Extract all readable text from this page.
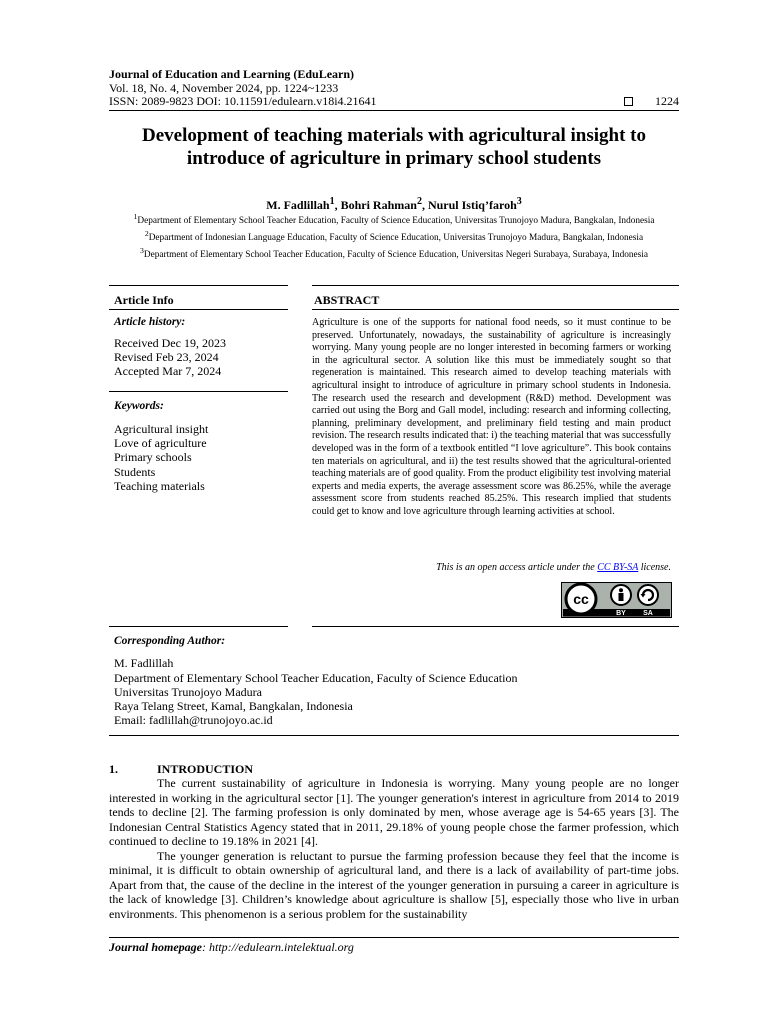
Journal of Education and Learning (EduLearn)
Vol. 18, No. 4, November 2024, pp. 1224~1233
ISSN: 2089-9823 DOI: 10.11591/edulearn.v18i4.21641	1224
Development of teaching materials with agricultural insight to
introduce of agriculture in primary school students
M. Fadlillah$^1$, Bohri Rahman$^2$, Nurul Istiq’faroh$^3$
$^1$Department of Elementary School Teacher Education, Faculty of Science Education, Universitas Trunojoyo Madura, Bangkalan, Indonesia
$^2$Department of Indonesian Language Education, Faculty of Science Education, Universitas Trunojoyo Madura, Bangkalan, Indonesia
$^3$Department of Elementary School Teacher Education, Faculty of Science Education, Universitas Negeri Surabaya, Surabaya, Indonesia
Article Info	ABSTRACT
Article history:
Received Dec 19, 2023
Revised Feb 23, 2024
Accepted Mar 7, 2024
Keywords:
Agricultural insight
Love of agriculture
Primary schools
Students
Teaching materials
Agriculture is one of the supports for national food needs, so it must continue to be preserved. Unfortunately, nowadays, the sustainability of agriculture is increasingly worrying. Many young people are no longer interested in becoming farmers or working in the agricultural sector. A solution like this must be immediately sought so that regeneration is maintained. This research aimed to develop teaching materials with agricultural insight to introduce of agriculture in primary school students in Indonesia. The research used the research and development (R&D) method. Development was carried out using the Borg and Gall model, including: research and informing collecting, planning, preliminary development, and preliminary field testing and main product revision. The research results indicated that: i) the teaching material that was successfully developed was in the form of a textbook entitled “I love agriculture”. This book contains ten materials on agricultural, and ii) the test results showed that the agricultural-oriented teaching materials are of good quality. From the product eligibility test involving material experts and media experts, the average assessment score was 86.25%, while the average assessment score from students reached 85.25%. This research implied that students could get to know and love agriculture through learning activities at school.
This is an open access article under the CC BY-SA license.
cc
BY SA
Corresponding Author:
M. Fadlillah
Department of Elementary School Teacher Education, Faculty of Science Education
Universitas Trunojoyo Madura
Raya Telang Street, Kamal, Bangkalan, Indonesia
Email: fadlillah@trunojoyo.ac.id
1.	INTRODUCTION

The current sustainability of agriculture in Indonesia is worrying. Many young people are no longer interested in working in the agricultural sector [1]. The younger generation's interest in agriculture from 2014 to 2019 tends to decline [2]. The farming profession is only dominated by men, whose average age is 54-65 years [3]. The Indonesian Central Statistics Agency stated that in 2011, 29.18% of young people chose the farmer profession, which continued to decline to 19.18% in 2021 [4].

The younger generation is reluctant to pursue the farming profession because they feel that the income is minimal, it is difficult to obtain ownership of agricultural land, and there is a lack of availability of part-time jobs. Apart from that, the cause of the decline in the interest of the younger generation in pursuing a career in agriculture is the lack of knowledge [3]. Children’s knowledge about agriculture is shallow [5], especially those who live in urban environments. This phenomenon is a serious problem for the sustainability

Journal homepage: http://edulearn.intelektual.org
